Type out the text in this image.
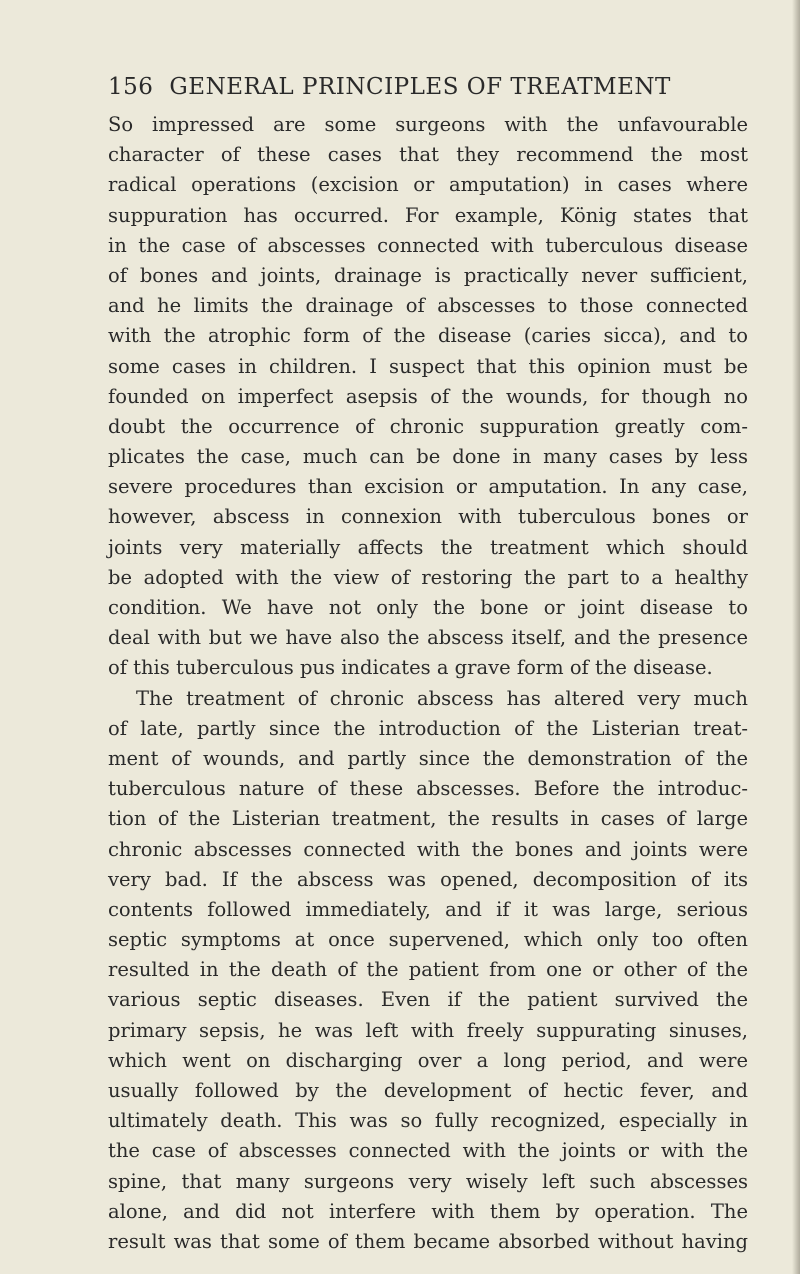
156 GENERAL PRINCIPLES OF TREATMENT
So impressed are some surgeons with the unfavourable
character of these cases that they recommend the most
radical operations (excision or amputation) in cases where
suppuration has occurred. For example, König states that
in the case of abscesses connected with tuberculous disease
of bones and joints, drainage is practically never sufficient,
and he limits the drainage of abscesses to those connected
with the atrophic form of the disease (caries sicca), and to
some cases in children. I suspect that this opinion must be
founded on imperfect asepsis of the wounds, for though no
doubt the occurrence of chronic suppuration greatly com-
plicates the case, much can be done in many cases by less
severe procedures than excision or amputation. In any case,
however, abscess in connexion with tuberculous bones or
joints very materially affects the treatment which should
be adopted with the view of restoring the part to a healthy
condition. We have not only the bone or joint disease to
deal with but we have also the abscess itself, and the presence
of this tuberculous pus indicates a grave form of the disease.
The treatment of chronic abscess has altered very much
of late, partly since the introduction of the Listerian treat-
ment of wounds, and partly since the demonstration of the
tuberculous nature of these abscesses. Before the introduc-
tion of the Listerian treatment, the results in cases of large
chronic abscesses connected with the bones and joints were
very bad. If the abscess was opened, decomposition of its
contents followed immediately, and if it was large, serious
septic symptoms at once supervened, which only too often
resulted in the death of the patient from one or other of the
various septic diseases. Even if the patient survived the
primary sepsis, he was left with freely suppurating sinuses,
which went on discharging over a long period, and were
usually followed by the development of hectic fever, and
ultimately death. This was so fully recognized, especially in
the case of abscesses connected with the joints or with the
spine, that many surgeons very wisely left such abscesses
alone, and did not interfere with them by operation. The
result was that some of them became absorbed without having
